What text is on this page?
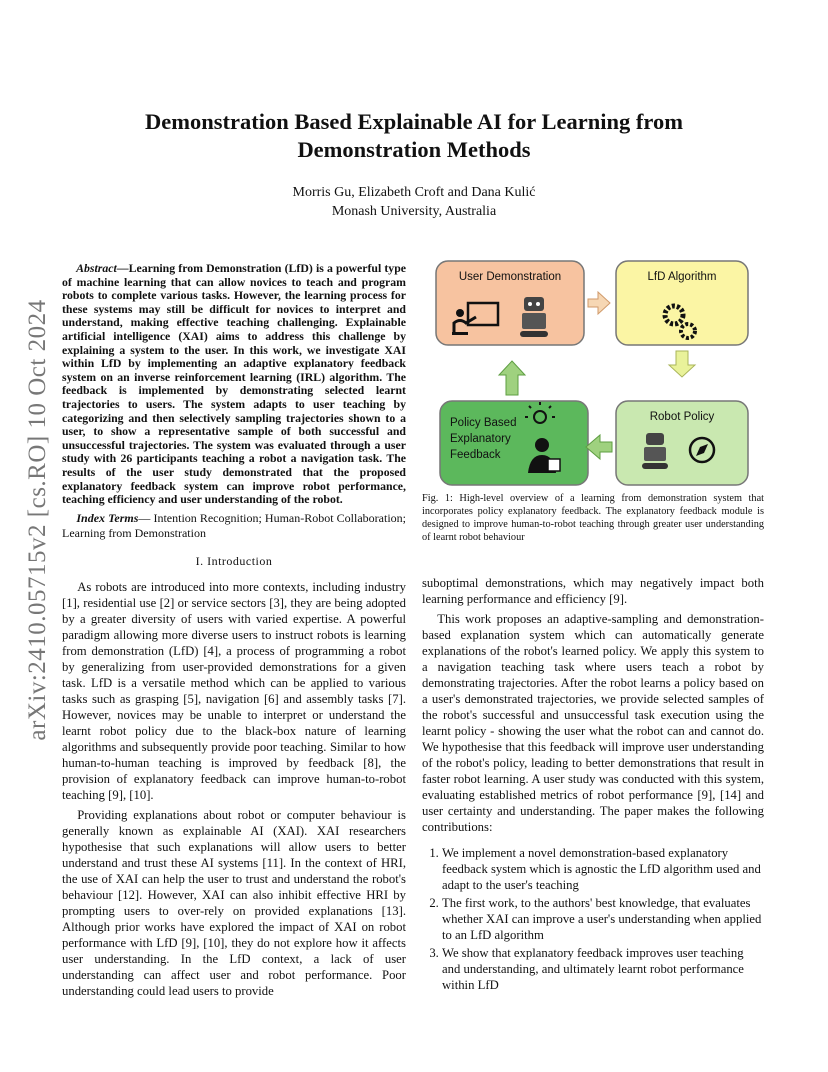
arXiv:2410.05715v2 [cs.RO] 10 Oct 2024
Demonstration Based Explainable AI for Learning from
Demonstration Methods
Morris Gu, Elizabeth Croft and Dana Kulić
Monash University, Australia
Abstract—Learning from Demonstration (LfD) is a powerful type of machine learning that can allow novices to teach and program robots to complete various tasks. However, the learning process for these systems may still be difficult for novices to interpret and understand, making effective teaching challenging. Explainable artificial intelligence (XAI) aims to address this challenge by explaining a system to the user. In this work, we investigate XAI within LfD by implementing an adaptive explanatory feedback system on an inverse reinforcement learning (IRL) algorithm. The feedback is implemented by demonstrating selected learnt trajectories to users. The system adapts to user teaching by categorizing and then selectively sampling trajectories shown to a user, to show a representative sample of both successful and unsuccessful trajectories. The system was evaluated through a user study with 26 participants teaching a robot a navigation task. The results of the user study demonstrated that the proposed explanatory feedback system can improve robot performance, teaching efficiency and user understanding of the robot.
Index Terms— Intention Recognition; Human-Robot Collaboration; Learning from Demonstration
I. Introduction
As robots are introduced into more contexts, including industry [1], residential use [2] or service sectors [3], they are being adopted by a greater diversity of users with varied expertise. A powerful paradigm allowing more diverse users to instruct robots is learning from demonstration (LfD) [4], a process of programming a robot by generalizing from user-provided demonstrations for a given task. LfD is a versatile method which can be applied to various tasks such as grasping [5], navigation [6] and assembly tasks [7]. However, novices may be unable to interpret or understand the learnt robot policy due to the black-box nature of learning algorithms and subsequently provide poor teaching. Similar to how human-to-human teaching is improved by feedback [8], the provision of explanatory feedback can improve human-to-robot teaching [9], [10].
Providing explanations about robot or computer behaviour is generally known as explainable AI (XAI). XAI researchers hypothesise that such explanations will allow users to better understand and trust these AI systems [11]. In the context of HRI, the use of XAI can help the user to trust and understand the robot's behaviour [12]. However, XAI can also inhibit effective HRI by prompting users to over-rely on provided explanations [13]. Although prior works have explored the impact of XAI on robot performance with LfD [9], [10], they do not explore how it affects user understanding. In the LfD context, a lack of user understanding can affect user and robot performance. Poor understanding could lead users to provide
User Demonstration	LfD Algorithm
Robot Policy
Policy Based
Explanatory
Feedback
Fig. 1: High-level overview of a learning from demonstration system that incorporates policy explanatory feedback. The explanatory feedback module is designed to improve human-to-robot teaching through greater user understanding of learnt robot behaviour
suboptimal demonstrations, which may negatively impact both learning performance and efficiency [9].
This work proposes an adaptive-sampling and demonstration-based explanation system which can automatically generate explanations of the robot's learned policy. We apply this system to a navigation teaching task where users teach a robot by demonstrating trajectories. After the robot learns a policy based on a user's demonstrated trajectories, we provide selected samples of the robot's successful and unsuccessful task execution using the learnt policy - showing the user what the robot can and cannot do. We hypothesise that this feedback will improve user understanding of the robot's policy, leading to better demonstrations that result in faster robot learning. A user study was conducted with this system, evaluating established metrics of robot performance [9], [14] and user certainty and understanding. The paper makes the following contributions:
1. We implement a novel demonstration-based explanatory feedback system which is agnostic the LfD algorithm used and adapt to the user's teaching
2. The first work, to the authors' best knowledge, that evaluates whether XAI can improve a user's understanding when applied to an LfD algorithm
3. We show that explanatory feedback improves user teaching and understanding, and ultimately learnt robot performance within LfD
